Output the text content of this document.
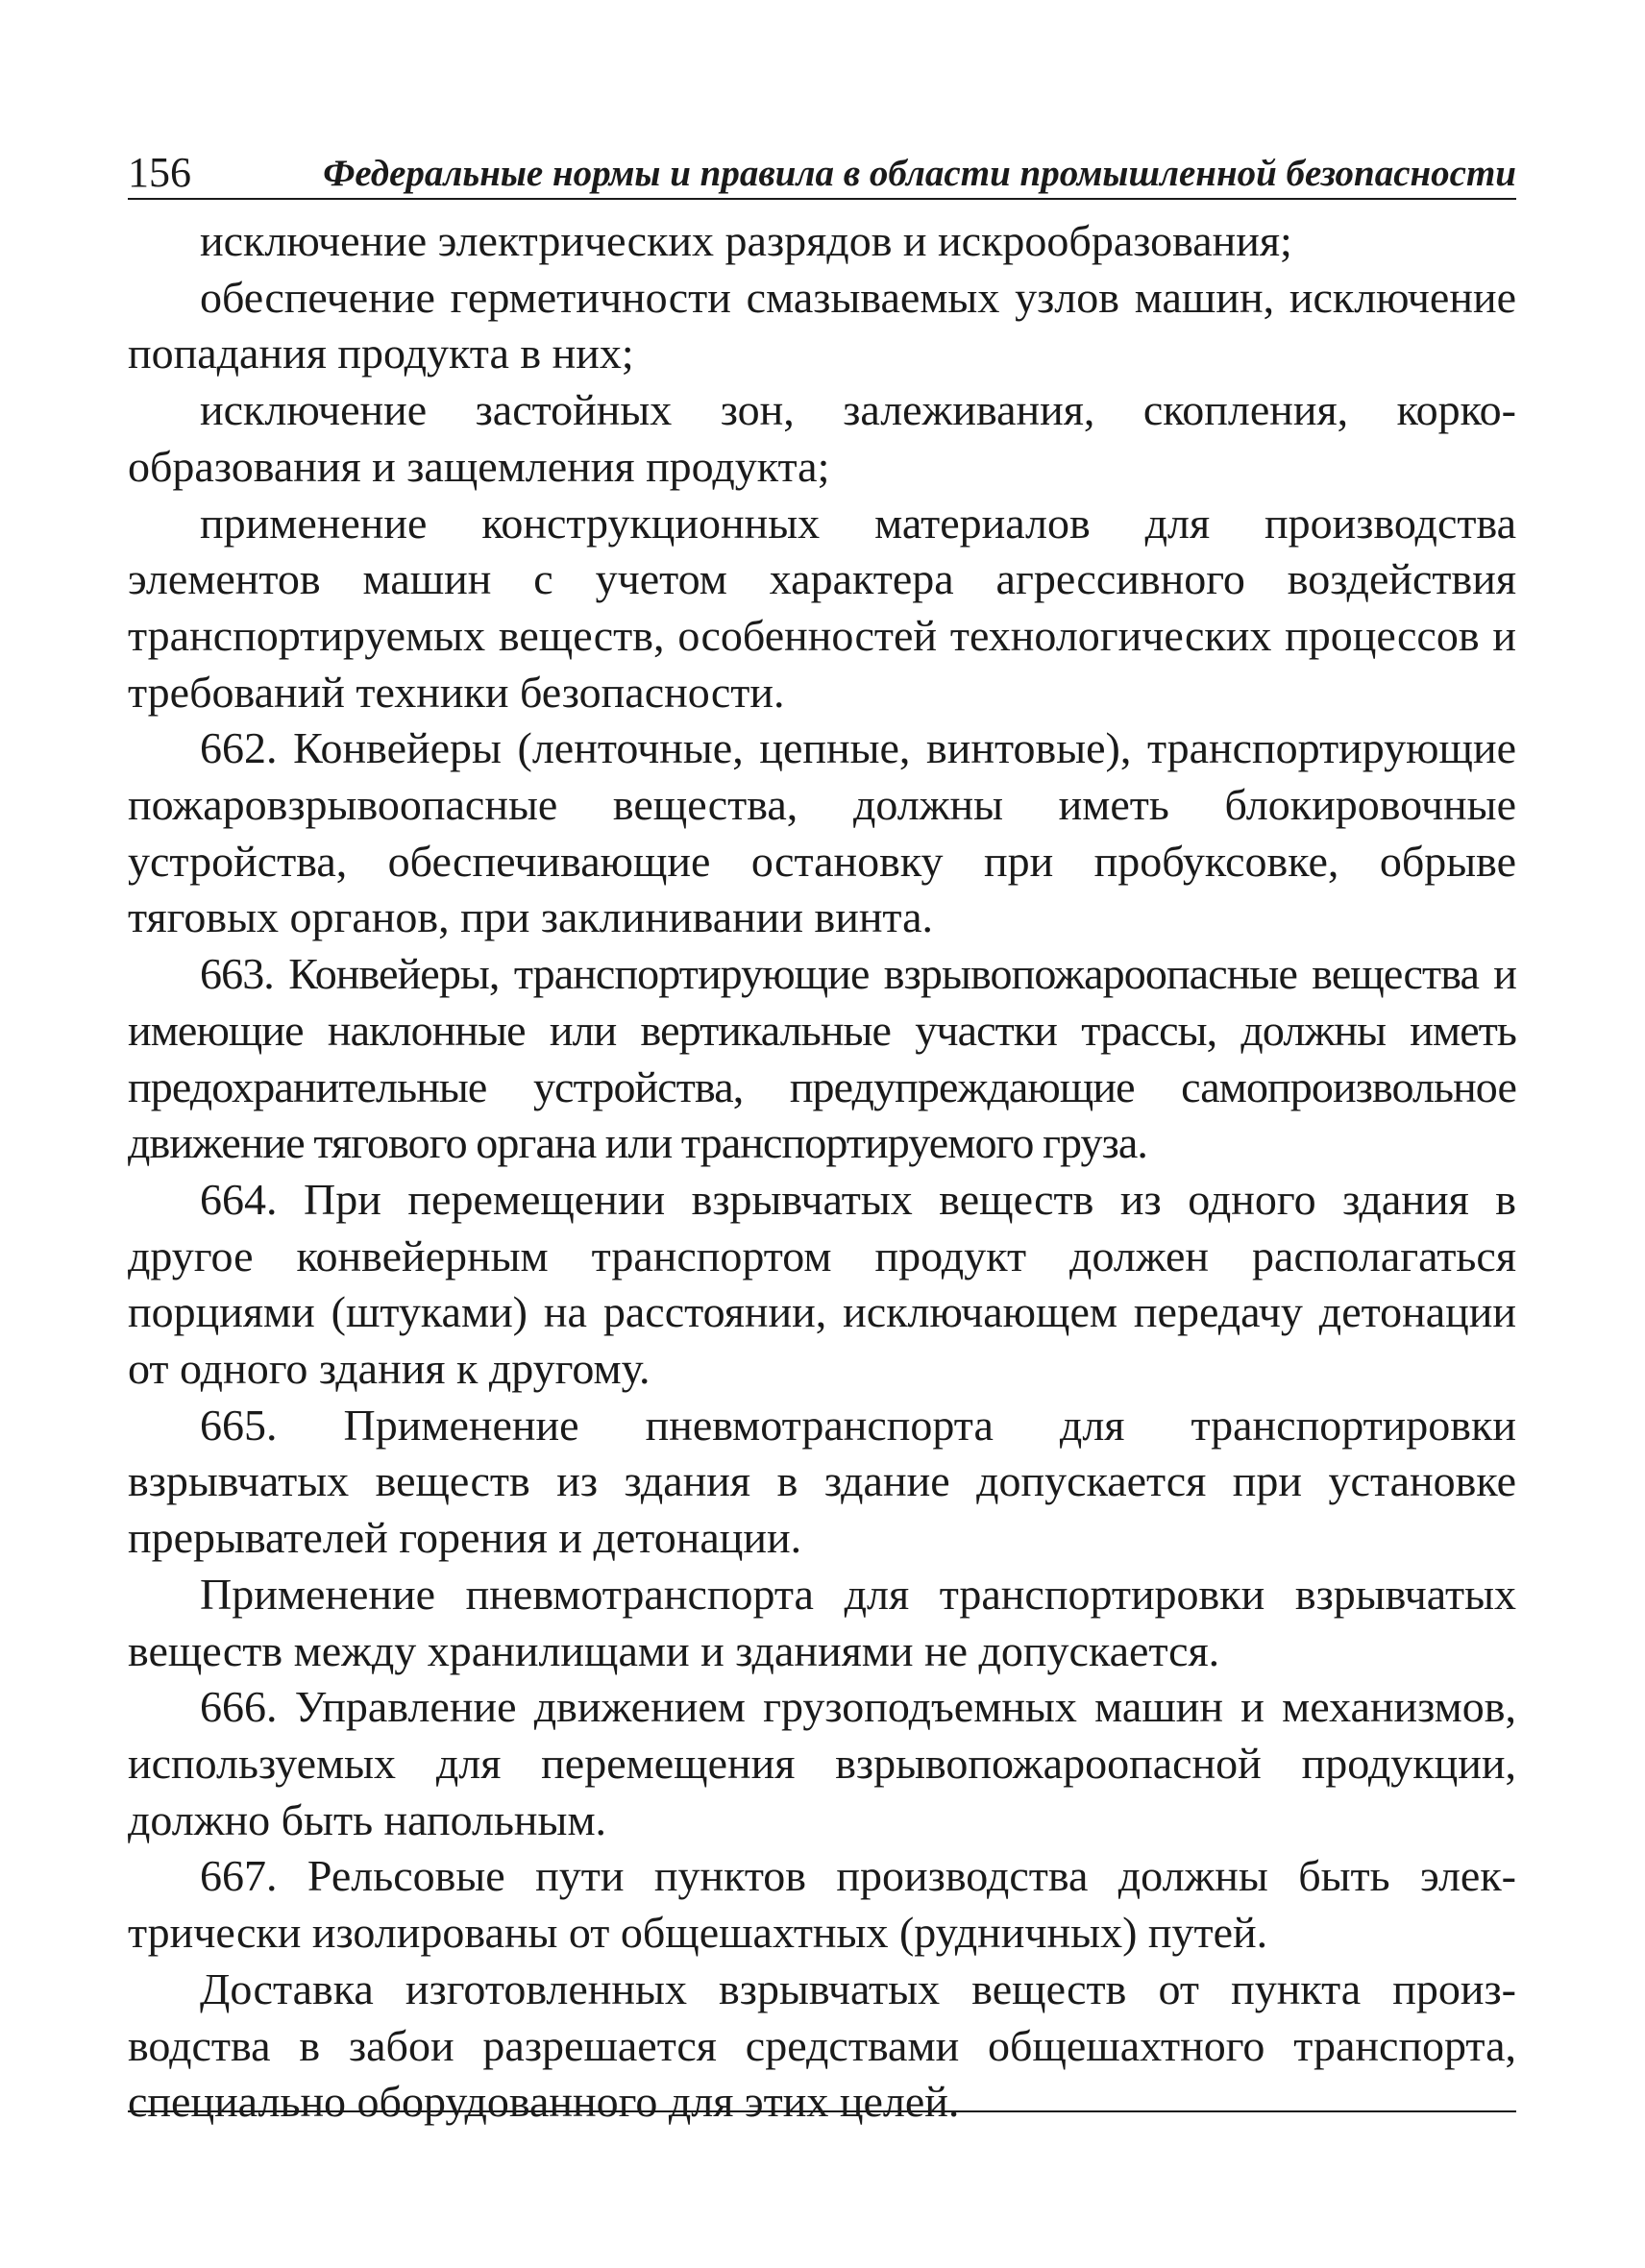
156	Федеральные нормы и правила в области промышленной безопасности

исключение электрических разрядов и искрообразования;

обеспечение герметичности смазываемых узлов машин, исключение попадания продукта в них;

исключение застойных зон, залеживания, скопления, коркообразования и защемления продукта;

применение конструкционных материалов для производства элементов машин с учетом характера агрессивного воздействия транспортируемых веществ, особенностей технологических процессов и требований техники безопасности.

662. Конвейеры (ленточные, цепные, винтовые), транспортирующие пожаровзрывоопасные вещества, должны иметь блокировочные устройства, обеспечивающие остановку при пробуксовке, обрыве тяговых органов, при заклинивании винта.

663. Конвейеры, транспортирующие взрывопожароопасные вещества и имеющие наклонные или вертикальные участки трассы, должны иметь предохранительные устройства, предупреждающие самопроизвольное движение тягового органа или транспортируемого груза.

664. При перемещении взрывчатых веществ из одного здания в другое конвейерным транспортом продукт должен располагаться порциями (штуками) на расстоянии, исключающем передачу детонации от одного здания к другому.

665. Применение пневмотранспорта для транспортировки взрывчатых веществ из здания в здание допускается при установке прерывателей горения и детонации.

Применение пневмотранспорта для транспортировки взрывчатых веществ между хранилищами и зданиями не допускается.

666. Управление движением грузоподъемных машин и механизмов, используемых для перемещения взрывопожароопасной продукции, должно быть напольным.

667. Рельсовые пути пунктов производства должны быть электрически изолированы от общешахтных (рудничных) путей.

Доставка изготовленных взрывчатых веществ от пункта производства в забои разрешается средствами общешахтного транспорта, специально оборудованного для этих целей.
